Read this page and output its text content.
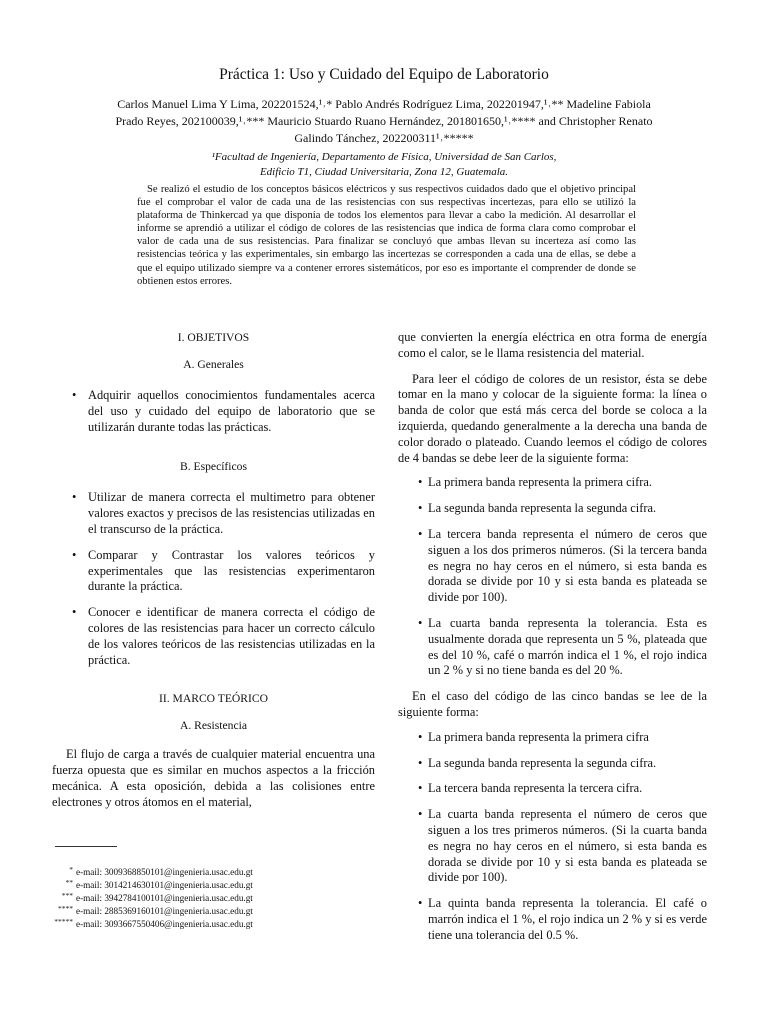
Práctica 1: Uso y Cuidado del Equipo de Laboratorio
Carlos Manuel Lima Y Lima, 202201524,¹˒* Pablo Andrés Rodríguez Lima, 202201947,¹˒** Madeline Fabiola Prado Reyes, 202100039,¹˒*** Mauricio Stuardo Ruano Hernández, 201801650,¹˒**** and Christopher Renato Galindo Tánchez, 202200311¹˒*****
¹Facultad de Ingeniería, Departamento de Física, Universidad de San Carlos,
Edificio T1, Ciudad Universitaria, Zona 12, Guatemala.

Se realizó el estudio de los conceptos básicos eléctricos y sus respectivos cuidados dado que el objetivo principal fue el comprobar el valor de cada una de las resistencias con sus respectivas incertezas, para ello se utilizó la plataforma de Thinkercad ya que disponía de todos los elementos para llevar a cabo la medición. Al desarrollar el informe se aprendió a utilizar el código de colores de las resistencias que indica de forma clara como comprobar el valor de cada una de sus resistencias. Para finalizar se concluyó que ambas llevan su incerteza así como las resistencias teórica y las experimentales, sin embargo las incertezas se corresponden a cada una de ellas, se debe a que el equipo utilizado siempre va a contener errores sistemáticos, por eso es importante el comprender de donde se obtienen estos errores.

I. OBJETIVOS
A. Generales
• Adquirir aquellos conocimientos fundamentales acerca del uso y cuidado del equipo de laboratorio que se utilizarán durante todas las prácticas.
B. Específicos
• Utilizar de manera correcta el multimetro para obtener valores exactos y precisos de las resistencias utilizadas en el transcurso de la práctica.
• Comparar y Contrastar los valores teóricos y experimentales que las resistencias experimentaron durante la práctica.
• Conocer e identificar de manera correcta el código de colores de las resistencias para hacer un correcto cálculo de los valores teóricos de las resistencias utilizadas en la práctica.
II. MARCO TEÓRICO
A. Resistencia

El flujo de carga a través de cualquier material encuentra una fuerza opuesta que es similar en muchos aspectos a la fricción mecánica. A esta oposición, debida a las colisiones entre electrones y otros átomos en el material,

que convierten la energía eléctrica en otra forma de energía como el calor, se le llama resistencia del material.

Para leer el código de colores de un resistor, ésta se debe tomar en la mano y colocar de la siguiente forma: la línea o banda de color que está más cerca del borde se coloca a la izquierda, quedando generalmente a la derecha una banda de color dorado o plateado. Cuando leemos el código de colores de 4 bandas se debe leer de la siguiente forma:

• La primera banda representa la primera cifra.
• La segunda banda representa la segunda cifra.
• La tercera banda representa el número de ceros que siguen a los dos primeros números. (Si la tercera banda es negra no hay ceros en el número, si esta banda es dorada se divide por 10 y si esta banda es plateada se divide por 100).
• La cuarta banda representa la tolerancia. Esta es usualmente dorada que representa un 5 %, plateada que es del 10 %, café o marrón indica el 1 %, el rojo indica un 2 % y si no tiene banda es del 20 %.

En el caso del código de las cinco bandas se lee de la siguiente forma:

• La primera banda representa la primera cifra
• La segunda banda representa la segunda cifra.
• La tercera banda representa la tercera cifra.
• La cuarta banda representa el número de ceros que siguen a los tres primeros números. (Si la cuarta banda es negra no hay ceros en el número, si esta banda es dorada se divide por 10 y si esta banda es plateada se divide por 100).
• La quinta banda representa la tolerancia. El café o marrón indica el 1 %, el rojo indica un 2 % y si es verde tiene una tolerancia del 0.5 %.
* e-mail: 3009368850101@ingenieria.usac.edu.gt
** e-mail: 3014214630101@ingenieria.usac.edu.gt
*** e-mail: 3942784100101@ingenieria.usac.edu.gt
**** e-mail: 2885369160101@ingenieria.usac.edu.gt
***** e-mail: 3093667550406@ingenieria.usac.edu.gt
